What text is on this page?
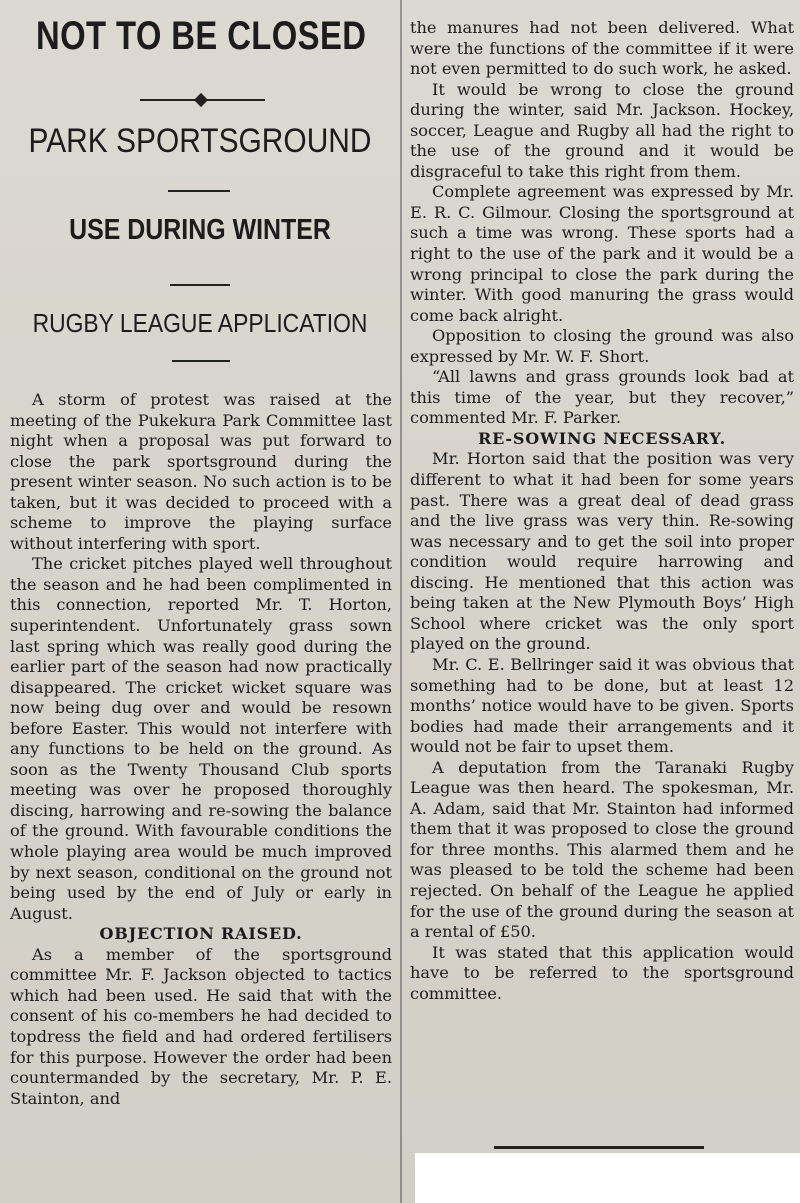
NOT TO BE CLOSED
PARK SPORTSGROUND
USE DURING WINTER
RUGBY LEAGUE APPLICATION

A storm of protest was raised at the meeting of the Pukekura Park Committee last night when a proposal was put forward to close the park sportsground during the present winter season. No such action is to be taken, but it was decided to proceed with a scheme to improve the playing surface without interfering with sport.

The cricket pitches played well throughout the season and he had been complimented in this connection, reported Mr. T. Horton, superintendent. Unfortunately grass sown last spring which was really good during the earlier part of the season had now practically disappeared. The cricket wicket square was now being dug over and would be resown before Easter. This would not interfere with any functions to be held on the ground. As soon as the Twenty Thousand Club sports meeting was over he proposed thoroughly discing, harrowing and re-sowing the balance of the ground. With favourable conditions the whole playing area would be much improved by next season, conditional on the ground not being used by the end of July or early in August.

OBJECTION RAISED.

As a member of the sportsground committee Mr. F. Jackson objected to tactics which had been used. He said that with the consent of his co-members he had decided to topdress the field and had ordered fertilisers for this purpose. However the order had been countermanded by the secretary, Mr. P. E. Stainton, and

the manures had not been delivered. What were the functions of the committee if it were not even permitted to do such work, he asked.

It would be wrong to close the ground during the winter, said Mr. Jackson. Hockey, soccer, League and Rugby all had the right to the use of the ground and it would be disgraceful to take this right from them.

Complete agreement was expressed by Mr. E. R. C. Gilmour. Closing the sportsground at such a time was wrong. These sports had a right to the use of the park and it would be a wrong principal to close the park during the winter. With good manuring the grass would come back alright.

Opposition to closing the ground was also expressed by Mr. W. F. Short.

“All lawns and grass grounds look bad at this time of the year, but they recover,” commented Mr. F. Parker.

RE-SOWING NECESSARY.

Mr. Horton said that the position was very different to what it had been for some years past. There was a great deal of dead grass and the live grass was very thin. Re-sowing was necessary and to get the soil into proper condition would require harrowing and discing. He mentioned that this action was being taken at the New Plymouth Boys’ High School where cricket was the only sport played on the ground.

Mr. C. E. Bellringer said it was obvious that something had to be done, but at least 12 months’ notice would have to be given. Sports bodies had made their arrangements and it would not be fair to upset them.

A deputation from the Taranaki Rugby League was then heard. The spokesman, Mr. A. Adam, said that Mr. Stainton had informed them that it was proposed to close the ground for three months. This alarmed them and he was pleased to be told the scheme had been rejected. On behalf of the League he applied for the use of the ground during the season at a rental of £50.

It was stated that this application would have to be referred to the sportsground committee.
